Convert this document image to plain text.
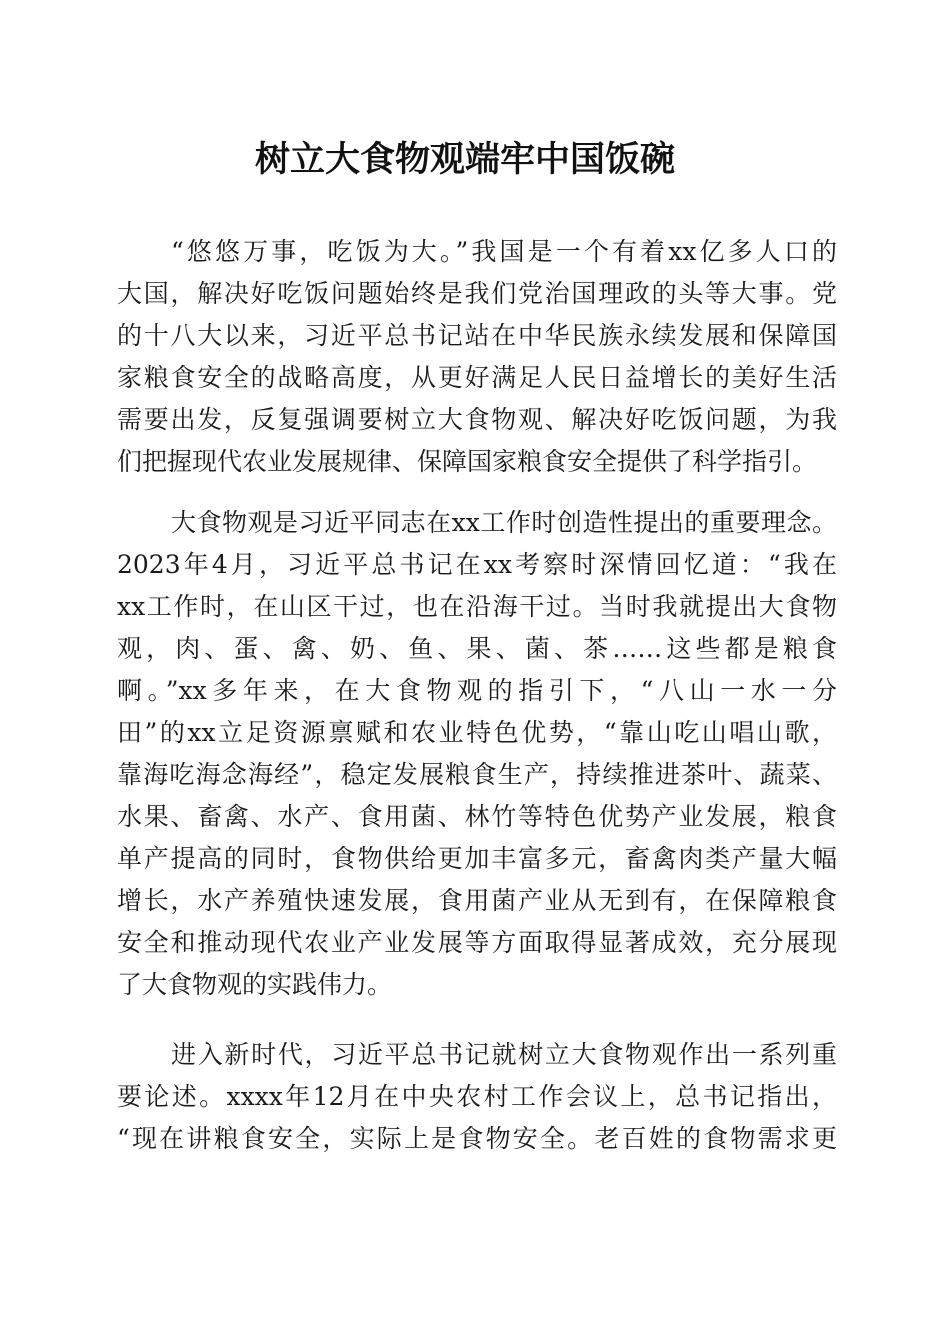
树立大食物观端牢中国饭碗

“悠悠万事，吃饭为大。”我国是一个有着xx亿多人口的

大国，解决好吃饭问题始终是我们党治国理政的头等大事。党

的十八大以来，习近平总书记站在中华民族永续发展和保障国

家粮食安全的战略高度，从更好满足人民日益增长的美好生活

需要出发，反复强调要树立大食物观、解决好吃饭问题，为我

们把握现代农业发展规律、保障国家粮食安全提供了科学指引。

大食物观是习近平同志在xx工作时创造性提出的重要理念。

2023年4月，习近平总书记在xx考察时深情回忆道：“我在

xx工作时，在山区干过，也在沿海干过。当时我就提出大食物

观，肉、蛋、禽、奶、鱼、果、菌、茶……这些都是粮食

啊。”xx多年来，在大食物观的指引下，“八山一水一分

田”的xx立足资源禀赋和农业特色优势，“靠山吃山唱山歌，

靠海吃海念海经”，稳定发展粮食生产，持续推进茶叶、蔬菜、

水果、畜禽、水产、食用菌、林竹等特色优势产业发展，粮食

单产提高的同时，食物供给更加丰富多元，畜禽肉类产量大幅

增长，水产养殖快速发展，食用菌产业从无到有，在保障粮食

安全和推动现代农业产业发展等方面取得显著成效，充分展现

了大食物观的实践伟力。

进入新时代，习近平总书记就树立大食物观作出一系列重

要论述。xxxx年12月在中央农村工作会议上，总书记指出，

“现在讲粮食安全，实际上是食物安全。老百姓的食物需求更
